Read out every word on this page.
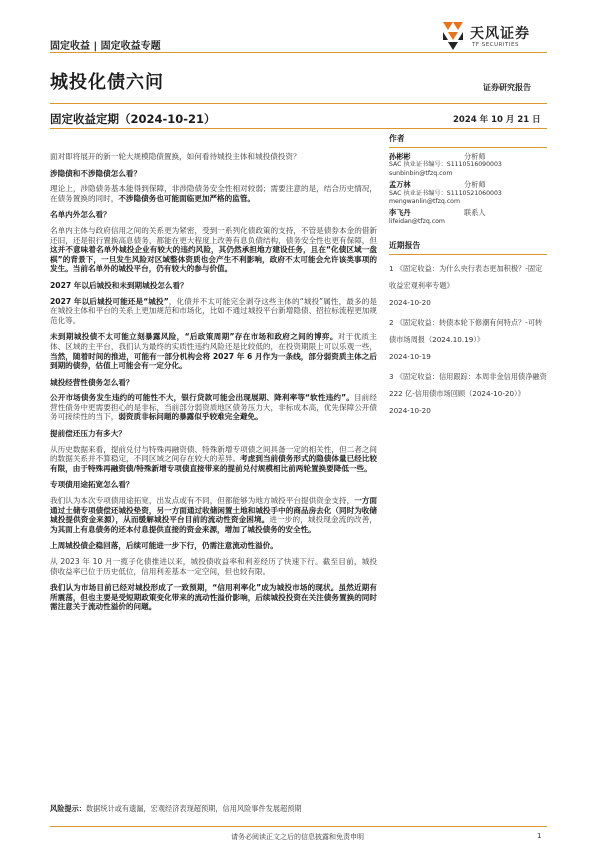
固定收益 | 固定收益专题
天风证券
TF SECURITIES
城投化债六问	证券研究报告
固定收益定期（2024-10-21）	2024 年 10 月 21 日

面对即将展开的新一轮大规模隐债置换，如何看待城投主体和城投债投资？

涉隐债和不涉隐债怎么看？

理论上，涉隐债务基本能得到保障，非涉隐债务安全性相对较弱；需要注意的是，结合历史情况，在债务置换的同时，不涉隐债务也可能面临更加严格的监管。

名单内外怎么看？

名单内主体与政府信用之间的关系更为紧密，受到一系列化债政策的支持，不管是债券本金的借新还旧，还是银行置换高息债务，都能在更大程度上改善有息负债结构，债务安全性也更有保障，但这并不意味着名单外城投企业有较大的违约风险，其仍然承担地方建设任务，且在“化债区域一盘棋”的背景下，一旦发生风险对区域整体资质也会产生不利影响，政府不太可能会允许该类事项的发生。当前名单外的城投平台，仍有较大的参与价值。

2027 年以后城投和未到期城投怎么看？

2027 年以后城投可能还是“城投”，化债并不太可能完全剥夺这些主体的“城投”属性，最多的是在城投主体和平台的关系上更加规范和市场化，比如不通过城投平台新增隐债、招拉标流程更加规范化等。

未到期城投债不太可能立刻暴露风险，“后政策周期”存在市场和政府之间的博弈。对于优质主体、区域的主平台，我们认为最终的实质性违约风险还是比较低的，在投资期限上可以乐观一些，当然，随着时间的推进，可能有一部分机构会将 2027 年 6 月作为一条线，部分弱资质主体之后到期的债券，估值上可能会有一定分化。

城投经营性债务怎么看？

公开市场债务发生违约的可能性不大，银行贷款可能会出现展期、降利率等“软性违约”。目前经营性债务中更需要担心的是非标，当前部分弱资质地区债务压力大，非标成本高，优先保障公开债务可接续性的当下，弱资质非标问题的暴露似乎较难完全避免。

提前偿还压力有多大？

从历史数据来看，提前兑付与特殊再融资债、特殊新增专项债之间具备一定的相关性，但二者之间的数据关系并不算稳定，不同区域之间存在较大的差异。考虑到当前债务形式的隐债体量已经比较有限，由于特殊再融资债/特殊新增专项债直接带来的提前兑付规模相比前两轮置换要降低一些。

专项债用途拓宽怎么看？

我们认为本次专项债用途拓宽，出发点或有不同，但都能够为地方城投平台提供资金支持，一方面通过土储专项债偿还城投垫资，另一方面通过收储闲置土地和城投手中的商品房去化（同时为收储城投提供资金来源），从而缓解城投平台目前的流动性资金困境。进一步的，城投现金流的改善，为其面上有息债务的还本付息提供直接的资金来源，增加了城投债务的安全性。

上周城投债企稳回落，后续可能进一步下行，仍需注意流动性溢价。

从 2023 年 10 月一揽子化债推进以来，城投债收益率和利差经历了快速下行。截至目前，城投债收益率已位于历史低位，信用利差基本一定空间，但也较有限。

我们认为市场目前已经对城投形成了一致预期，“信用利率化”成为城投市场的现状。虽然近期有所震荡，但也主要是受短期政策变化带来的流动性溢价影响，后续城投投资在关注债务置换的同时需注意关于流动性溢价的问题。

风险提示：数据统计或有遗漏，宏观经济表现超预期，信用风险事件发展超预期
作者
孙彬彬	分析师
SAC 执业证书编号：S1110516090003
sunbinbin@tfzq.com
孟万林	分析师
SAC 执业证书编号：S1110521060003
mengwanlin@tfzq.com
李飞丹	联系人
lifeidan@tfzq.com
近期报告
1 《固定收益：为什么央行表态更加积极？-固定收益宏观利率专题》
2024-10-20
2 《固定收益：转债本轮下修潮有何特点？-可转债市场周报（2024.10.19）》
2024-10-19
3 《固定收益：信用跟踪：本周非金信用债净融资 222 亿-信用债市场回顾（2024-10-20）》 2024-10-20
请务必阅读正文之后的信息披露和免责申明	1
